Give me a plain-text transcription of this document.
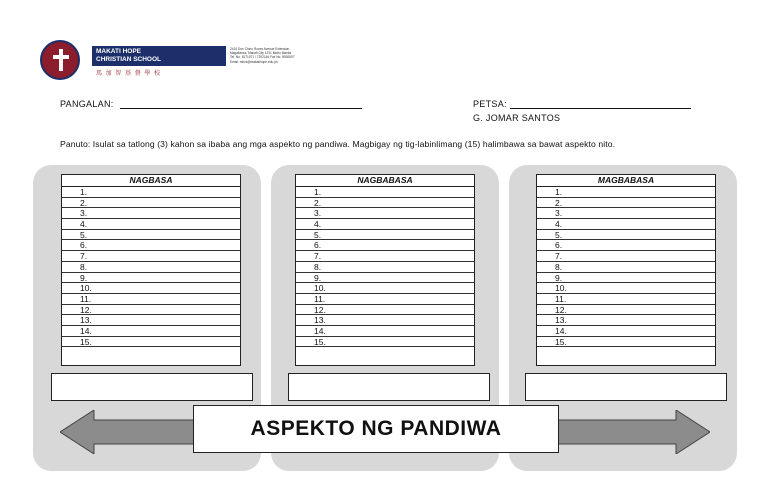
MAKATI HOPE
CHRISTIAN SCHOOL
馬 加 智 基 督 學 校
2415 Don Chino Roces Avenue Extension
Magallanes, Makati City 1231 Metro Manila
Tel. No. 8171571 / 7292146 Fax No. 8930807
Email: mhcs@makatihope.edu.ph
PANGALAN:	PETSA:
G. JOMAR SANTOS
Panuto: Isulat sa tatlong (3) kahon sa ibaba ang mga aspekto ng pandiwa. Magbigay ng tig-labinlimang (15) halimbawa sa bawat aspekto nito.
NAGBASA
1.
2.
3.
4.
5.
6.
7.
8.
9.
10.
11.
12.
13.
14.
15.
NAGBABASA
1.
2.
3.
4.
5.
6.
7.
8.
9.
10.
11.
12.
13.
14.
15.
MAGBABASA
1.
2.
3.
4.
5.
6.
7.
8.
9.
10.
11.
12.
13.
14.
15.
ASPEKTO NG PANDIWA
